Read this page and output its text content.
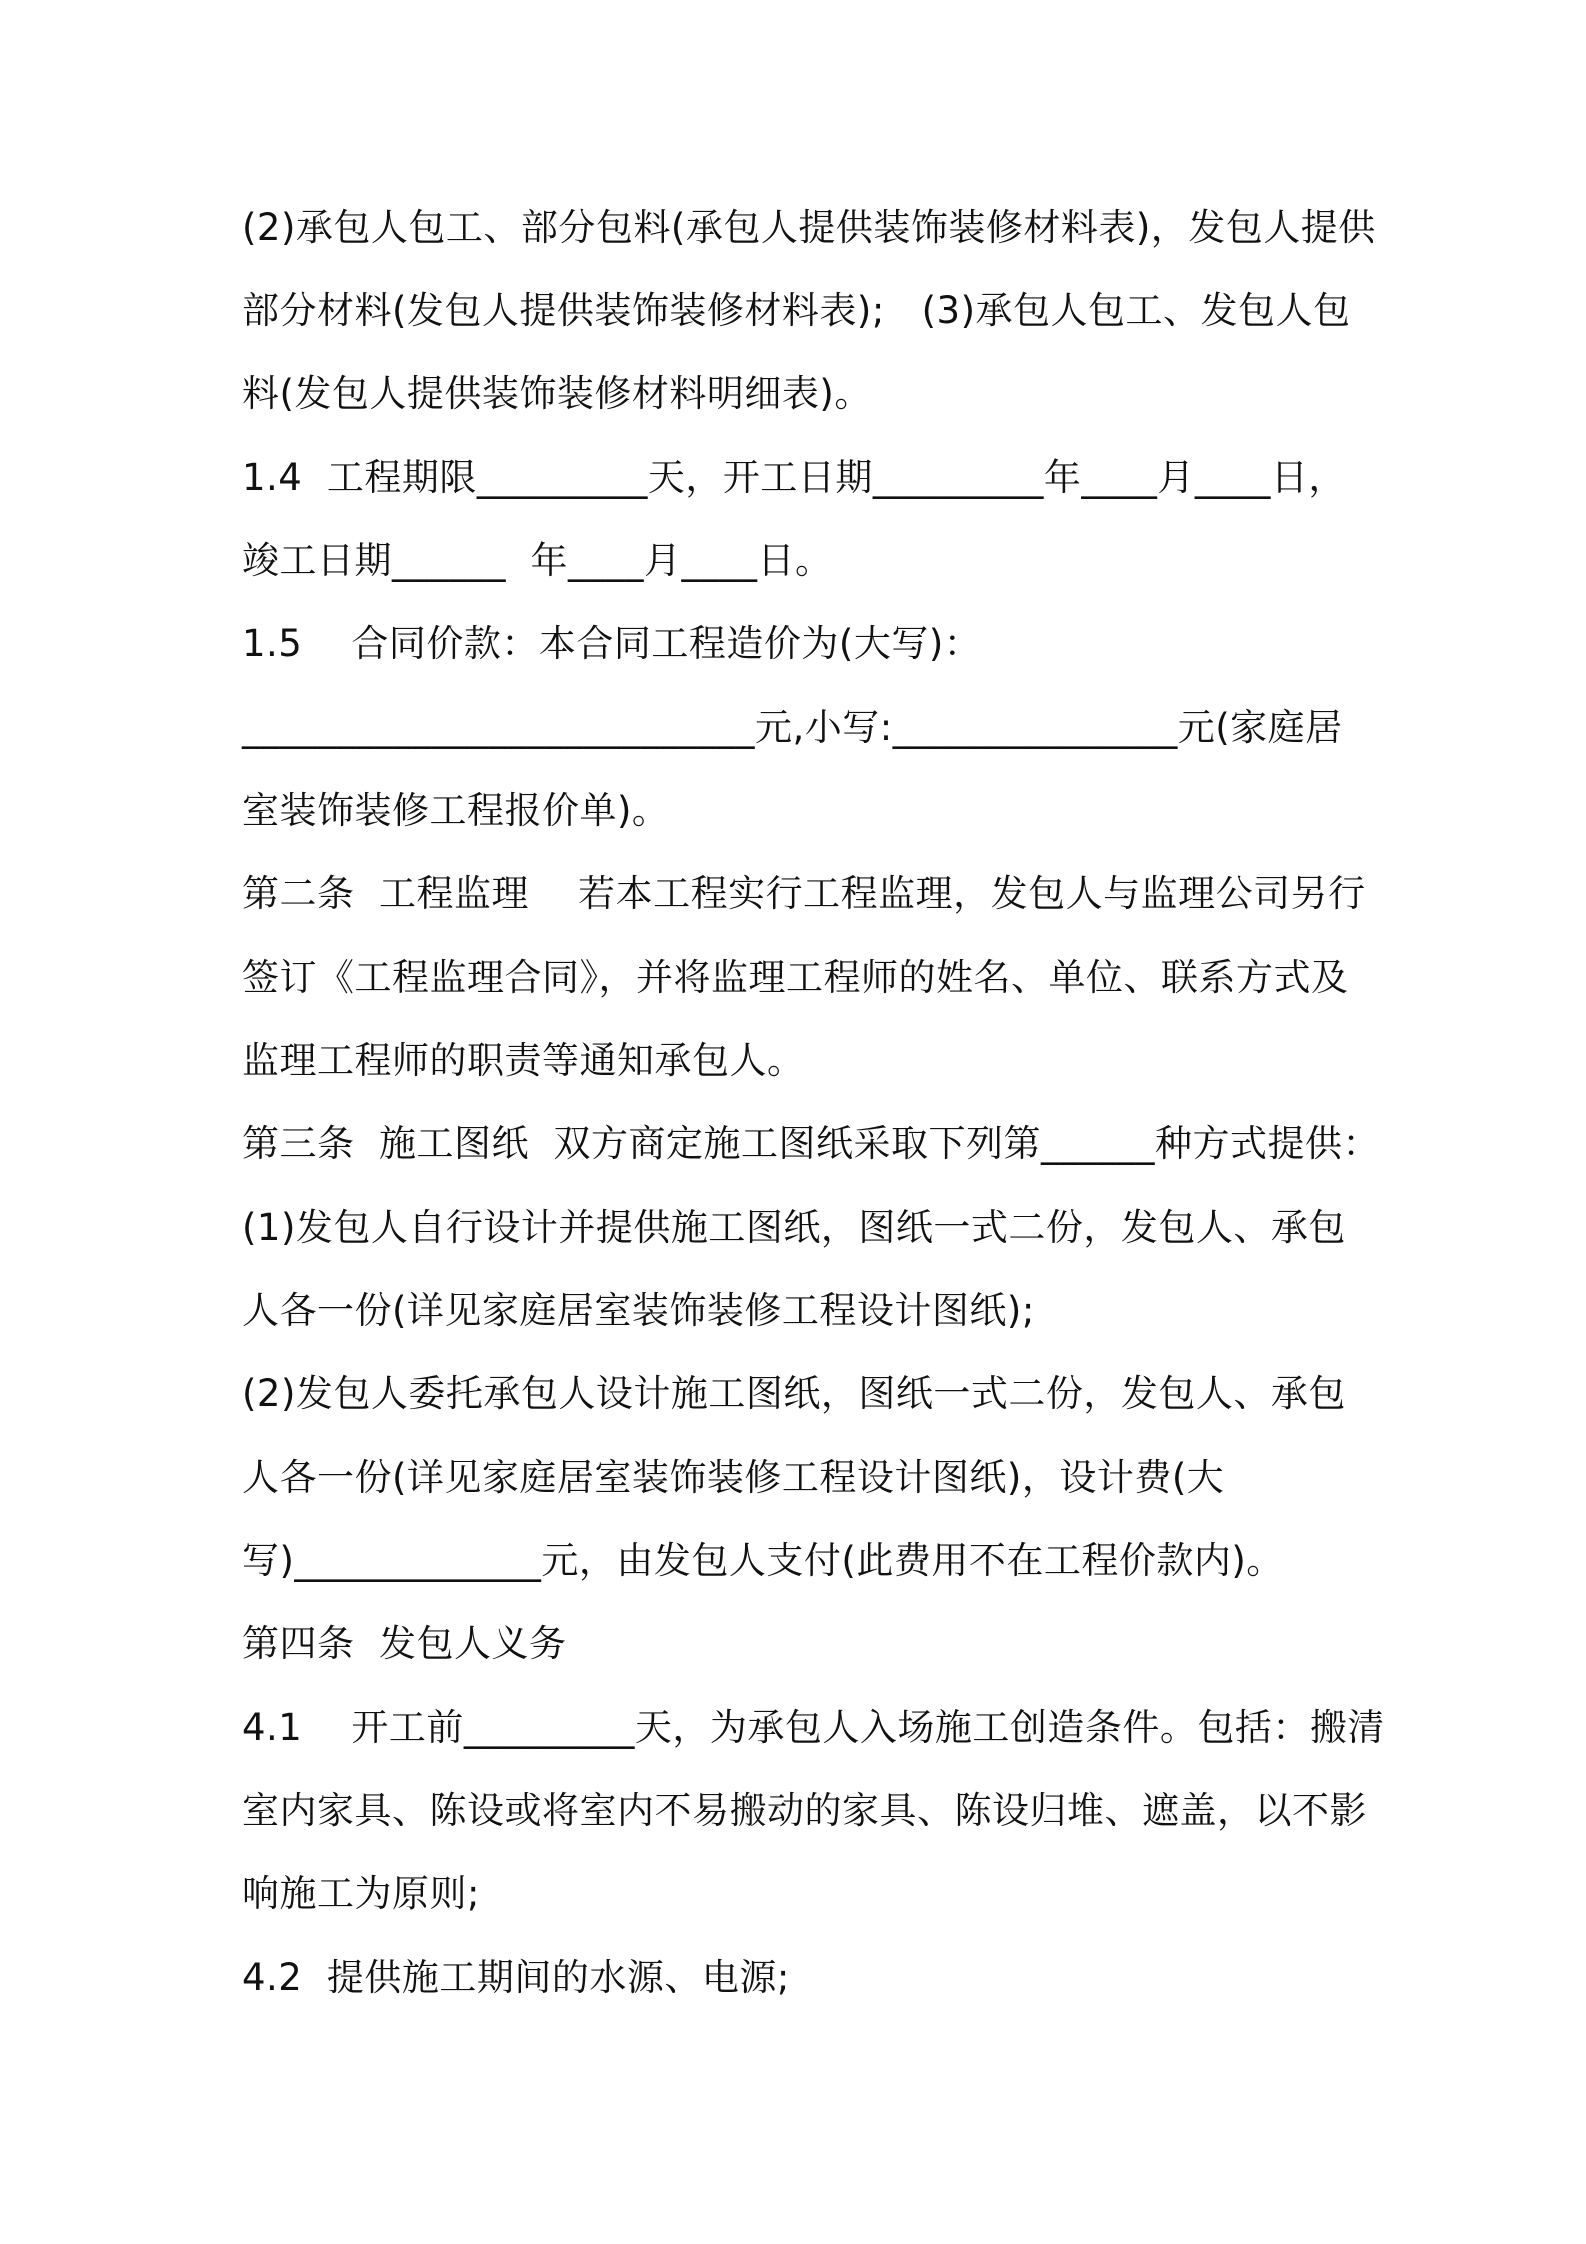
(2)承包人包工、部分包料(承包人提供装饰装修材料表)，发包人提供
部分材料(发包人提供装饰装修材料表);   (3)承包人包工、发包人包
料(发包人提供装饰装修材料明细表)。
1.4  工程期限_________天，开工日期_________年____月____日，
竣工日期______  年____月____日。
1.5    合同价款：本合同工程造价为(大写)：
___________________________元,小写:_______________元(家庭居
室装饰装修工程报价单)。
第二条  工程监理    若本工程实行工程监理，发包人与监理公司另行
签订《工程监理合同》，并将监理工程师的姓名、单位、联系方式及
监理工程师的职责等通知承包人。
第三条  施工图纸  双方商定施工图纸采取下列第______种方式提供：
(1)发包人自行设计并提供施工图纸，图纸一式二份，发包人、承包
人各一份(详见家庭居室装饰装修工程设计图纸);
(2)发包人委托承包人设计施工图纸，图纸一式二份，发包人、承包
人各一份(详见家庭居室装饰装修工程设计图纸)，设计费(大
写)_____________元，由发包人支付(此费用不在工程价款内)。
第四条  发包人义务
4.1    开工前_________天，为承包人入场施工创造条件。包括：搬清
室内家具、陈设或将室内不易搬动的家具、陈设归堆、遮盖，以不影
响施工为原则;
4.2  提供施工期间的水源、电源;
